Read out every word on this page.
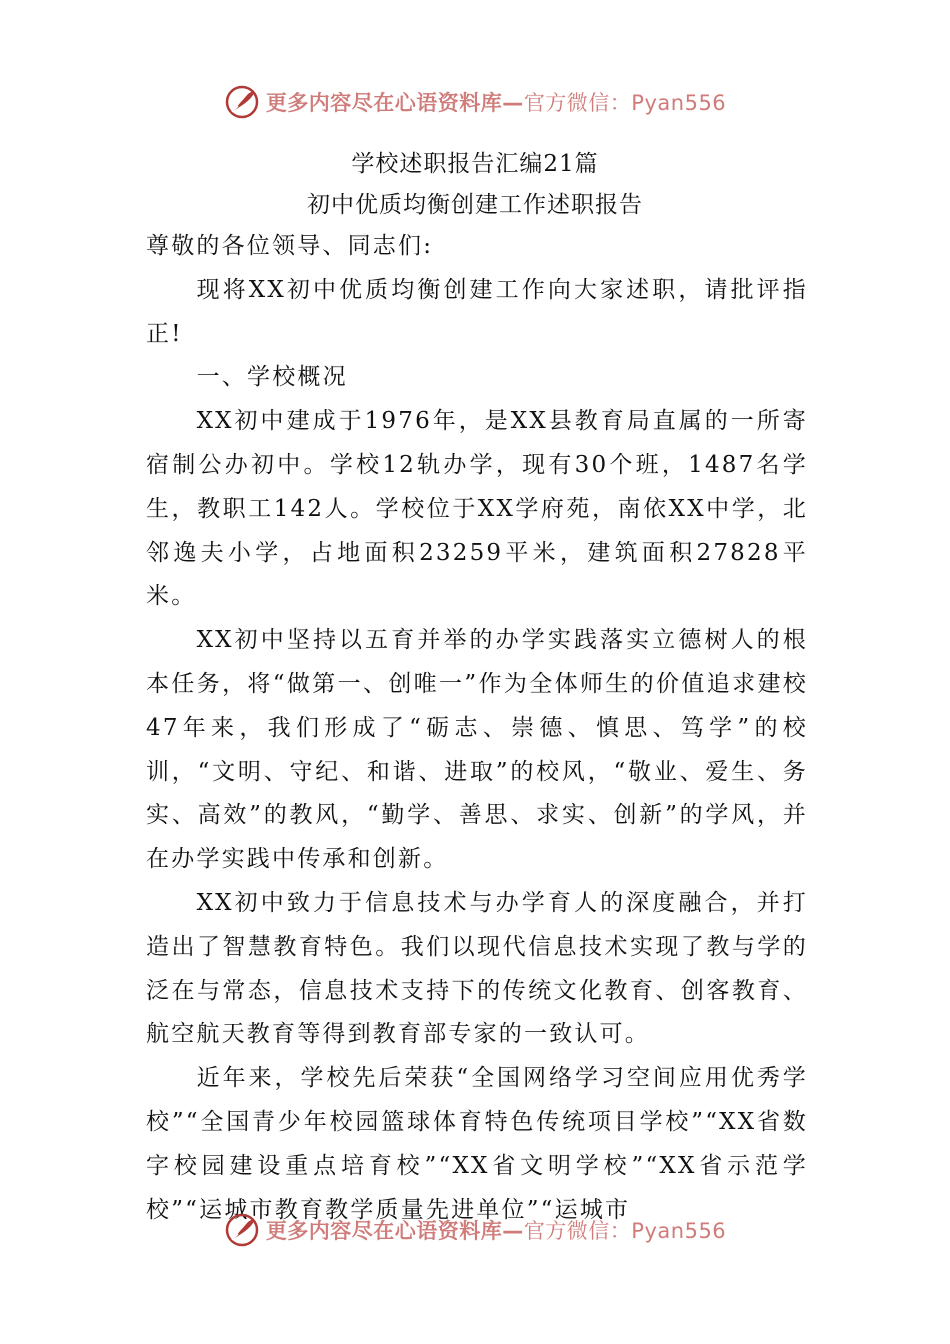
更多内容尽在心语资料库—官方微信：Pyan556
学校述职报告汇编21篇
初中优质均衡创建工作述职报告

尊敬的各位领导、同志们:

现将XX初中优质均衡创建工作向大家述职，请批评指正!

一、学校概况

XX初中建成于1976年，是XX县教育局直属的一所寄宿制公办初中。学校12轨办学，现有30个班，1487名学生，教职工142人。学校位于XX学府苑，南依XX中学，北邻逸夫小学，占地面积23259平米，建筑面积27828平米。

XX初中坚持以五育并举的办学实践落实立德树人的根本任务，将“做第一、创唯一”作为全体师生的价值追求建校47年来，我们形成了“砺志、崇德、慎思、笃学”的校训，“文明、守纪、和谐、进取”的校风，“敬业、爱生、务实、高效”的教风，“勤学、善思、求实、创新”的学风，并在办学实践中传承和创新。

XX初中致力于信息技术与办学育人的深度融合，并打造出了智慧教育特色。我们以现代信息技术实现了教与学的泛在与常态，信息技术支持下的传统文化教育、创客教育、航空航天教育等得到教育部专家的一致认可。

近年来，学校先后荣获“全国网络学习空间应用优秀学校”“全国青少年校园篮球体育特色传统项目学校”“XX省数字校园建设重点培育校”“XX省文明学校”“XX省示范学校”“运城市教育教学质量先进单位”“运城市

更多内容尽在心语资料库—官方微信：Pyan556
